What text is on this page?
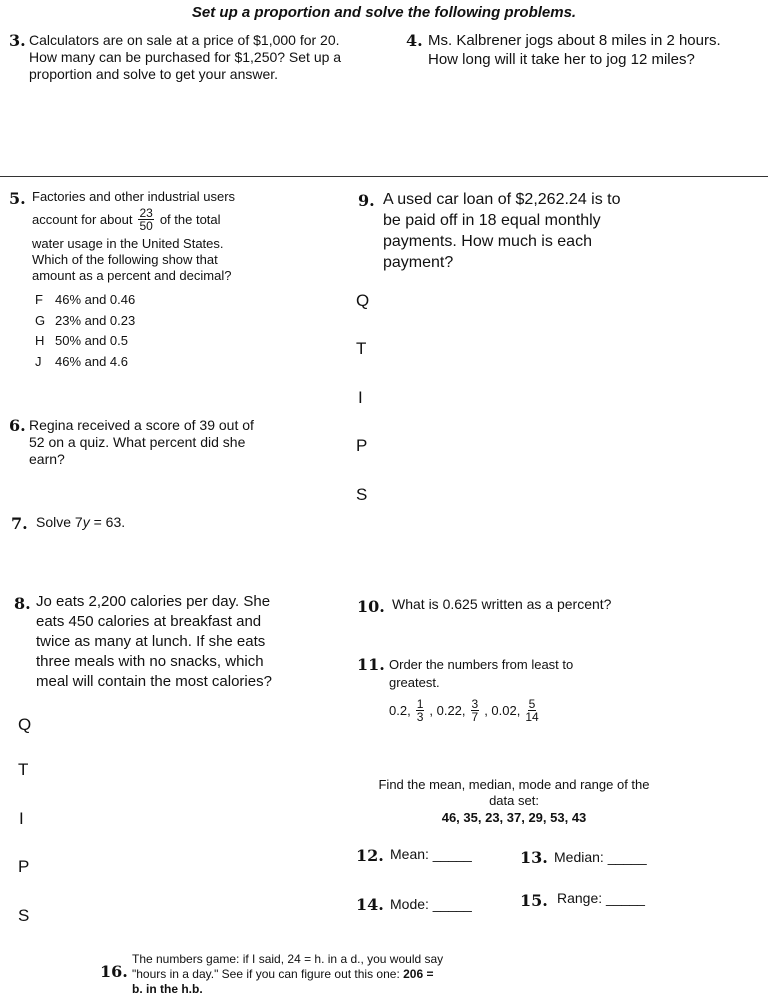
Set up a proportion and solve the following problems.
3. Calculators are on sale at a price of $1,000 for 20.
How many can be purchased for $1,250? Set up a
proportion and solve to get your answer.
4. Ms. Kalbrener jogs about 8 miles in 2 hours.
How long will it take her to jog 12 miles?
5. Factories and other industrial users
account for about $\frac{23}{50}$ of the total
water usage in the United States.
Which of the following show that
amount as a percent and decimal?
F 46% and 0.46
G 23% and 0.23
H 50% and 0.5
J 46% and 4.6
6. Regina received a score of 39 out of
52 on a quiz. What percent did she
earn?
7. Solve 7y = 63.
9. A used car loan of $2,262.24 is to
be paid off in 18 equal monthly
payments. How much is each
payment?
Q
T
I
P
S
8. Jo eats 2,200 calories per day. She
eats 450 calories at breakfast and
twice as many at lunch. If she eats
three meals with no snacks, which
meal will contain the most calories?
Q
T
I
P
S
10. What is 0.625 written as a percent?
11. Order the numbers from least to
greatest.
0.2, $\frac{1}{3}$ , 0.22, $\frac{3}{7}$ , 0.02, $\frac{5}{14}$
Find the mean, median, mode and range of the
data set:
46, 35, 23, 37, 29, 53, 43
12. Mean: _____	13. Median: _____
14. Mode: _____	15. Range: _____
16.
The numbers game: if I said, 24 = h. in a d., you would say
"hours in a day." See if you can figure out this one: 206 =
b. in the h.b.
